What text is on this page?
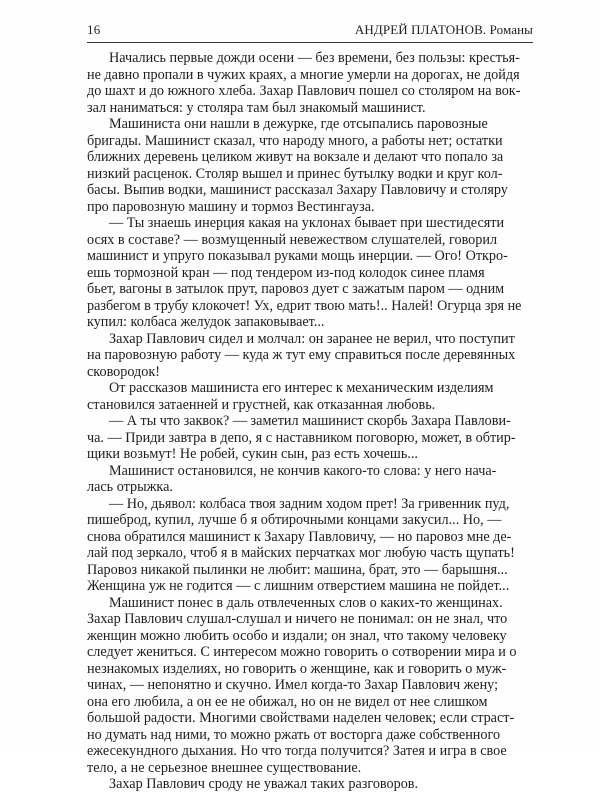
16	АНДРЕЙ ПЛАТОНОВ. Романы
Начались первые дожди осени — без времени, без пользы: крестья-
не давно пропали в чужих краях, а многие умерли на дорогах, не дойдя
до шахт и до южного хлеба. Захар Павлович пошел со столяром на вок-
зал наниматься: у столяра там был знакомый машинист.
Машиниста они нашли в дежурке, где отсыпались паровозные
бригады. Машинист сказал, что народу много, а работы нет; остатки
ближних деревень целиком живут на вокзале и делают что попало за
низкий расценок. Столяр вышел и принес бутылку водки и круг кол-
басы. Выпив водки, машинист рассказал Захару Павловичу и столяру
про паровозную машину и тормоз Вестингауза.
— Ты знаешь инерция какая на уклонах бывает при шестидесяти
осях в составе? — возмущенный невежеством слушателей, говорил
машинист и упруго показывал руками мощь инерции. — Ого! Откро-
ешь тормозной кран — под тендером из-под колодок синее пламя
бьет, вагоны в затылок прут, паровоз дует с зажатым паром — одним
разбегом в трубу клокочет! Ух, едрит твою мать!.. Налей! Огурца зря не
купил: колбаса желудок запаковывает...
Захар Павлович сидел и молчал: он заранее не верил, что поступит
на паровозную работу — куда ж тут ему справиться после деревянных
сковородок!
От рассказов машиниста его интерес к механическим изделиям
становился затаенней и грустней, как отказанная любовь.
— А ты что заквок? — заметил машинист скорбь Захара Павлови-
ча. — Приди завтра в депо, я с наставником поговорю, может, в обтир-
щики возьмут! Не робей, сукин сын, раз есть хочешь...
Машинист остановился, не кончив какого-то слова: у него нача-
лась отрыжка.
— Но, дьявол: колбаса твоя задним ходом прет! За гривенник пуд,
пишеброд, купил, лучше б я обтирочными концами закусил... Но, —
снова обратился машинист к Захару Павловичу, — но паровоз мне де-
лай под зеркало, чтоб я в майских перчатках мог любую часть щупать!
Паровоз никакой пылинки не любит: машина, брат, это — барышня...
Женщина уж не годится — с лишним отверстием машина не пойдет...
Машинист понес в даль отвлеченных слов о каких-то женщинах.
Захар Павлович слушал-слушал и ничего не понимал: он не знал, что
женщин можно любить особо и издали; он знал, что такому человеку
следует жениться. С интересом можно говорить о сотворении мира и о
незнакомых изделиях, но говорить о женщине, как и говорить о муж-
чинах, — непонятно и скучно. Имел когда-то Захар Павлович жену;
она его любила, а он ее не обижал, но он не видел от нее слишком
большой радости. Многими свойствами наделен человек; если страст-
но думать над ними, то можно ржать от восторга даже собственного
ежесекундного дыхания. Но что тогда получится? Затея и игра в свое
тело, а не серьезное внешнее существование.
Захар Павлович сроду не уважал таких разговоров.
